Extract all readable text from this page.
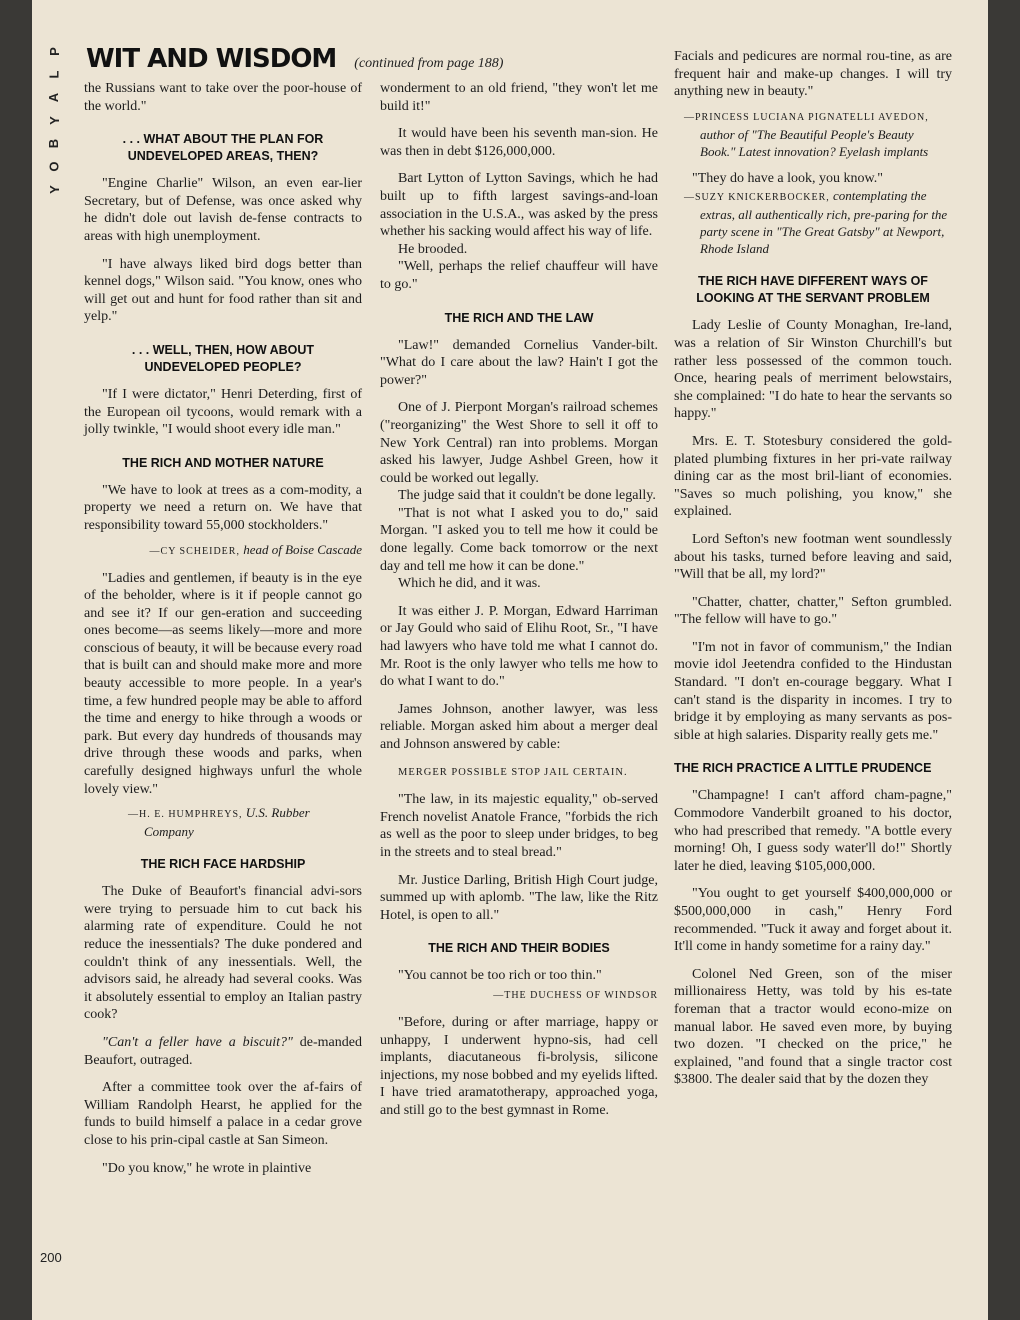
P
L
A
Y
B
O
Y
WIT AND WISDOM (continued from page 188)

the Russians want to take over the poor-house of the world."

. . . WHAT ABOUT THE PLAN FOR UNDEVELOPED AREAS, THEN?

"Engine Charlie" Wilson, an even ear-lier Secretary, but of Defense, was once asked why he didn't dole out lavish de-fense contracts to areas with high unemployment.

"I have always liked bird dogs better than kennel dogs," Wilson said. "You know, ones who will get out and hunt for food rather than sit and yelp."

. . . WELL, THEN, HOW ABOUT UNDEVELOPED PEOPLE?

"If I were dictator," Henri Deterding, first of the European oil tycoons, would remark with a jolly twinkle, "I would shoot every idle man."

THE RICH AND MOTHER NATURE

"We have to look at trees as a com-modity, a property we need a return on. We have that responsibility toward 55,000 stockholders."

—CY SCHEIDER, head of Boise Cascade

"Ladies and gentlemen, if beauty is in the eye of the beholder, where is it if people cannot go and see it? If our gen-eration and succeeding ones become—as seems likely—more and more conscious of beauty, it will be because every road that is built can and should make more and more beauty accessible to more people. In a year's time, a few hundred people may be able to afford the time and energy to hike through a woods or park. But every day hundreds of thousands may drive through these woods and parks, when carefully designed highways unfurl the whole lovely view."

—H. E. HUMPHREYS, U.S. Rubber Company
THE RICH FACE HARDSHIP

The Duke of Beaufort's financial advi-sors were trying to persuade him to cut back his alarming rate of expenditure. Could he not reduce the inessentials? The duke pondered and couldn't think of any inessentials. Well, the advisors said, he already had several cooks. Was it absolutely essential to employ an Italian pastry cook?

"Can't a feller have a biscuit?" de-manded Beaufort, outraged.

After a committee took over the af-fairs of William Randolph Hearst, he applied for the funds to build himself a palace in a cedar grove close to his prin-cipal castle at San Simeon.

"Do you know," he wrote in plaintive

wonderment to an old friend, "they won't let me build it!"

It would have been his seventh man-sion. He was then in debt $126,000,000.

Bart Lytton of Lytton Savings, which he had built up to fifth largest savings-and-loan association in the U.S.A., was asked by the press whether his sacking would affect his way of life.

He brooded.

"Well, perhaps the relief chauffeur will have to go."

THE RICH AND THE LAW

"Law!" demanded Cornelius Vander-bilt. "What do I care about the law? Hain't I got the power?"

One of J. Pierpont Morgan's railroad schemes ("reorganizing" the West Shore to sell it off to New York Central) ran into problems. Morgan asked his lawyer, Judge Ashbel Green, how it could be worked out legally.

The judge said that it couldn't be done legally.

"That is not what I asked you to do," said Morgan. "I asked you to tell me how it could be done legally. Come back tomorrow or the next day and tell me how it can be done."

Which he did, and it was.

It was either J. P. Morgan, Edward Harriman or Jay Gould who said of Elihu Root, Sr., "I have had lawyers who have told me what I cannot do. Mr. Root is the only lawyer who tells me how to do what I want to do."

James Johnson, another lawyer, was less reliable. Morgan asked him about a merger deal and Johnson answered by cable:

MERGER POSSIBLE STOP JAIL CERTAIN.

"The law, in its majestic equality," ob-served French novelist Anatole France, "forbids the rich as well as the poor to sleep under bridges, to beg in the streets and to steal bread."

Mr. Justice Darling, British High Court judge, summed up with aplomb. "The law, like the Ritz Hotel, is open to all."

THE RICH AND THEIR BODIES

"You cannot be too rich or too thin."

—THE DUCHESS OF WINDSOR

"Before, during or after marriage, happy or unhappy, I underwent hypno-sis, had cell implants, diacutaneous fi-brolysis, silicone injections, my nose bobbed and my eyelids lifted. I have tried aramatotherapy, approached yoga, and still go to the best gymnast in Rome.

Facials and pedicures are normal rou-tine, as are frequent hair and make-up changes. I will try anything new in beauty."

—PRINCESS LUCIANA PIGNATELLI AVEDON, author of "The Beautiful People's Beauty Book." Latest innovation? Eyelash implants

"They do have a look, you know."

—SUZY KNICKERBOCKER, contemplating the extras, all authentically rich, pre-paring for the party scene in "The Great Gatsby" at Newport, Rhode Island
THE RICH HAVE DIFFERENT WAYS OF LOOKING AT THE SERVANT PROBLEM

Lady Leslie of County Monaghan, Ire-land, was a relation of Sir Winston Churchill's but rather less possessed of the common touch. Once, hearing peals of merriment belowstairs, she complained: "I do hate to hear the servants so happy."

Mrs. E. T. Stotesbury considered the gold-plated plumbing fixtures in her pri-vate railway dining car as the most bril-liant of economies. "Saves so much polishing, you know," she explained.

Lord Sefton's new footman went soundlessly about his tasks, turned before leaving and said, "Will that be all, my lord?"

"Chatter, chatter, chatter," Sefton grumbled. "The fellow will have to go."

"I'm not in favor of communism," the Indian movie idol Jeetendra confided to the Hindustan Standard. "I don't en-courage beggary. What I can't stand is the disparity in incomes. I try to bridge it by employing as many servants as pos-sible at high salaries. Disparity really gets me."

THE RICH PRACTICE A LITTLE PRUDENCE

"Champagne! I can't afford cham-pagne," Commodore Vanderbilt groaned to his doctor, who had prescribed that remedy. "A bottle every morning! Oh, I guess sody water'll do!" Shortly later he died, leaving $105,000,000.

"You ought to get yourself $400,000,000 or $500,000,000 in cash," Henry Ford recommended. "Tuck it away and forget about it. It'll come in handy sometime for a rainy day."

Colonel Ned Green, son of the miser millionairess Hetty, was told by his es-tate foreman that a tractor would econo-mize on manual labor. He saved even more, by buying two dozen. "I checked on the price," he explained, "and found that a single tractor cost $3800. The dealer said that by the dozen they

200
